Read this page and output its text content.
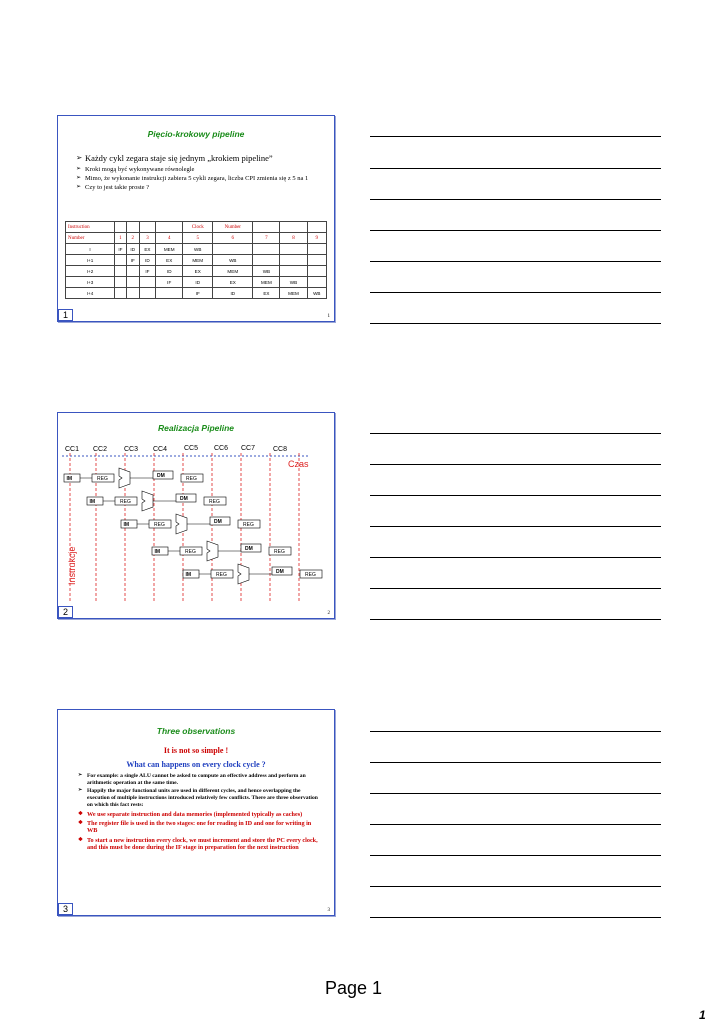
Pięcio-krokowy pipeline
➢ Każdy cykl zegara staje się jednym „krokiem pipeline”
➢ Kroki mogą być wykonywane równolegle
➢ Mimo, że wykonanie instrukcji zabiera 5 cykli zegara, liczba CPI zmienia się z 5 na 1
➢ Czy to jest takie proste ?
Instruction					Clock	Number			
Number	1	2	3	4	5	6	7	8	9
I	IF	ID	EX	MEM	WB				
I+1		IF	ID	EX	MEM	WB			
I+2			IF	ID	EX	MEM	WB		
I+3				IF	ID	EX	MEM	WB	
I+4					IF	ID	EX	MEM	WB
1	1
Realizacja Pipeline
CC1 CC2 CC3 CC4 CC5 CC6 CC7	CC8
Czas
Instrukcje
IM	REG	DM	REG
IM	REG	DM	REG
IM	REG	DM	REG
IM	REG	DM	REG
IM	REG	DM	REG
2	2
Three observations
It is not so simple !
What can happens on every clock cycle ?
➢ For example: a single ALU cannot be asked to compute an effective address and perform an arithmetic operation at the same time.
➢ Happily the major functional units are used in different cycles, and hence overlapping the execution of multiple instructions introduced relatively few conflicts. There are three observation on which this fact rests:
❖ We use separate instruction and data memories (implemented typically as caches)
❖ The register file is used in the two stages: one for reading in ID and one for writing in WB
❖ To start a new instruction every clock, we must increment and store the PC every clock, and this must be done during the IF stage in preparation for the next instruction
3	3
Page 1
1
